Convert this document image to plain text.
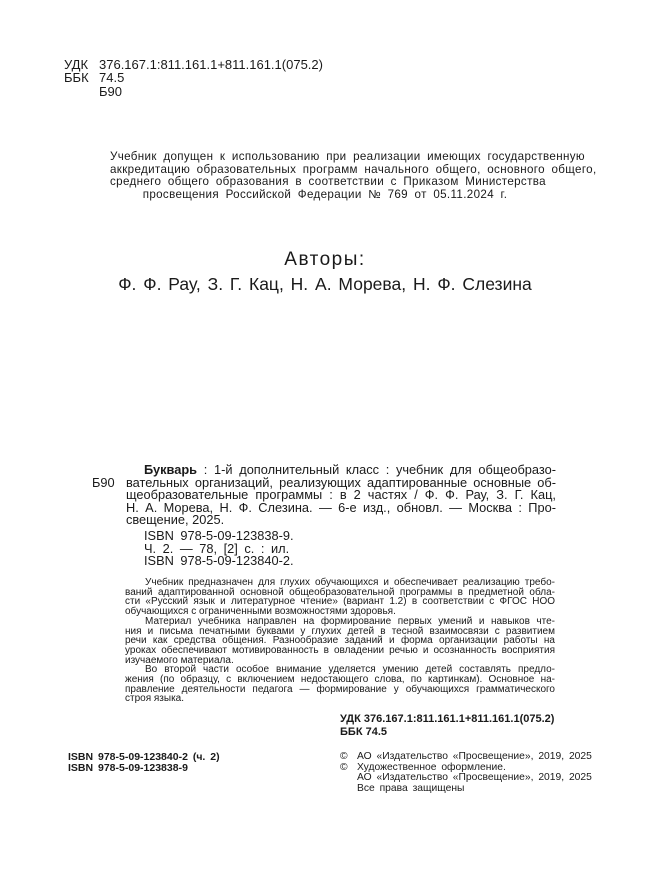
УДК 376.167.1:811.161.1+811.161.1(075.2)
ББК 74.5
Б90
Учебник допущен к использованию при реализации имеющих государственную
аккредитацию образовательных программ начального общего, основного общего,
среднего общего образования в соответствии с Приказом Министерства
просвещения Российской Федерации № 769 от 05.11.2024 г.
Авторы:
Ф. Ф. Рау, З. Г. Кац, Н. А. Морева, Н. Ф. Слезина
Б90
Букварь : 1-й дополнительный класс : учебник для общеобразо-
вательных организаций, реализующих адаптированные основные об-
щеобразовательные программы : в 2 частях / Ф. Ф. Рау, З. Г. Кац,
Н. А. Морева, Н. Ф. Слезина. — 6-е изд., обновл. — Москва : Про-
свещение, 2025.
ISBN 978-5-09-123838-9.
Ч. 2. — 78, [2] с. : ил.
ISBN 978-5-09-123840-2.
Учебник предназначен для глухих обучающихся и обеспечивает реализацию требо-
ваний адаптированной основной общеобразовательной программы в предметной обла-
сти «Русский язык и литературное чтение» (вариант 1.2) в соответствии с ФГОС НОО
обучающихся с ограниченными возможностями здоровья.
Материал учебника направлен на формирование первых умений и навыков чте-
ния и письма печатными буквами у глухих детей в тесной взаимосвязи с развитием
речи как средства общения. Разнообразие заданий и форма организации работы на
уроках обеспечивают мотивированность в овладении речью и осознанность восприятия
изучаемого материала.
Во второй части особое внимание уделяется умению детей составлять предло-
жения (по образцу, с включением недостающего слова, по картинкам). Основное на-
правление деятельности педагога — формирование у обучающихся грамматического
строя языка.
УДК 376.167.1:811.161.1+811.161.1(075.2)
ББК 74.5
ISBN 978-5-09-123840-2 (ч. 2)
ISBN 978-5-09-123838-9
© АО «Издательство «Просвещение», 2019, 2025
© Художественное оформление.
АО «Издательство «Просвещение», 2019, 2025
Все права защищены
